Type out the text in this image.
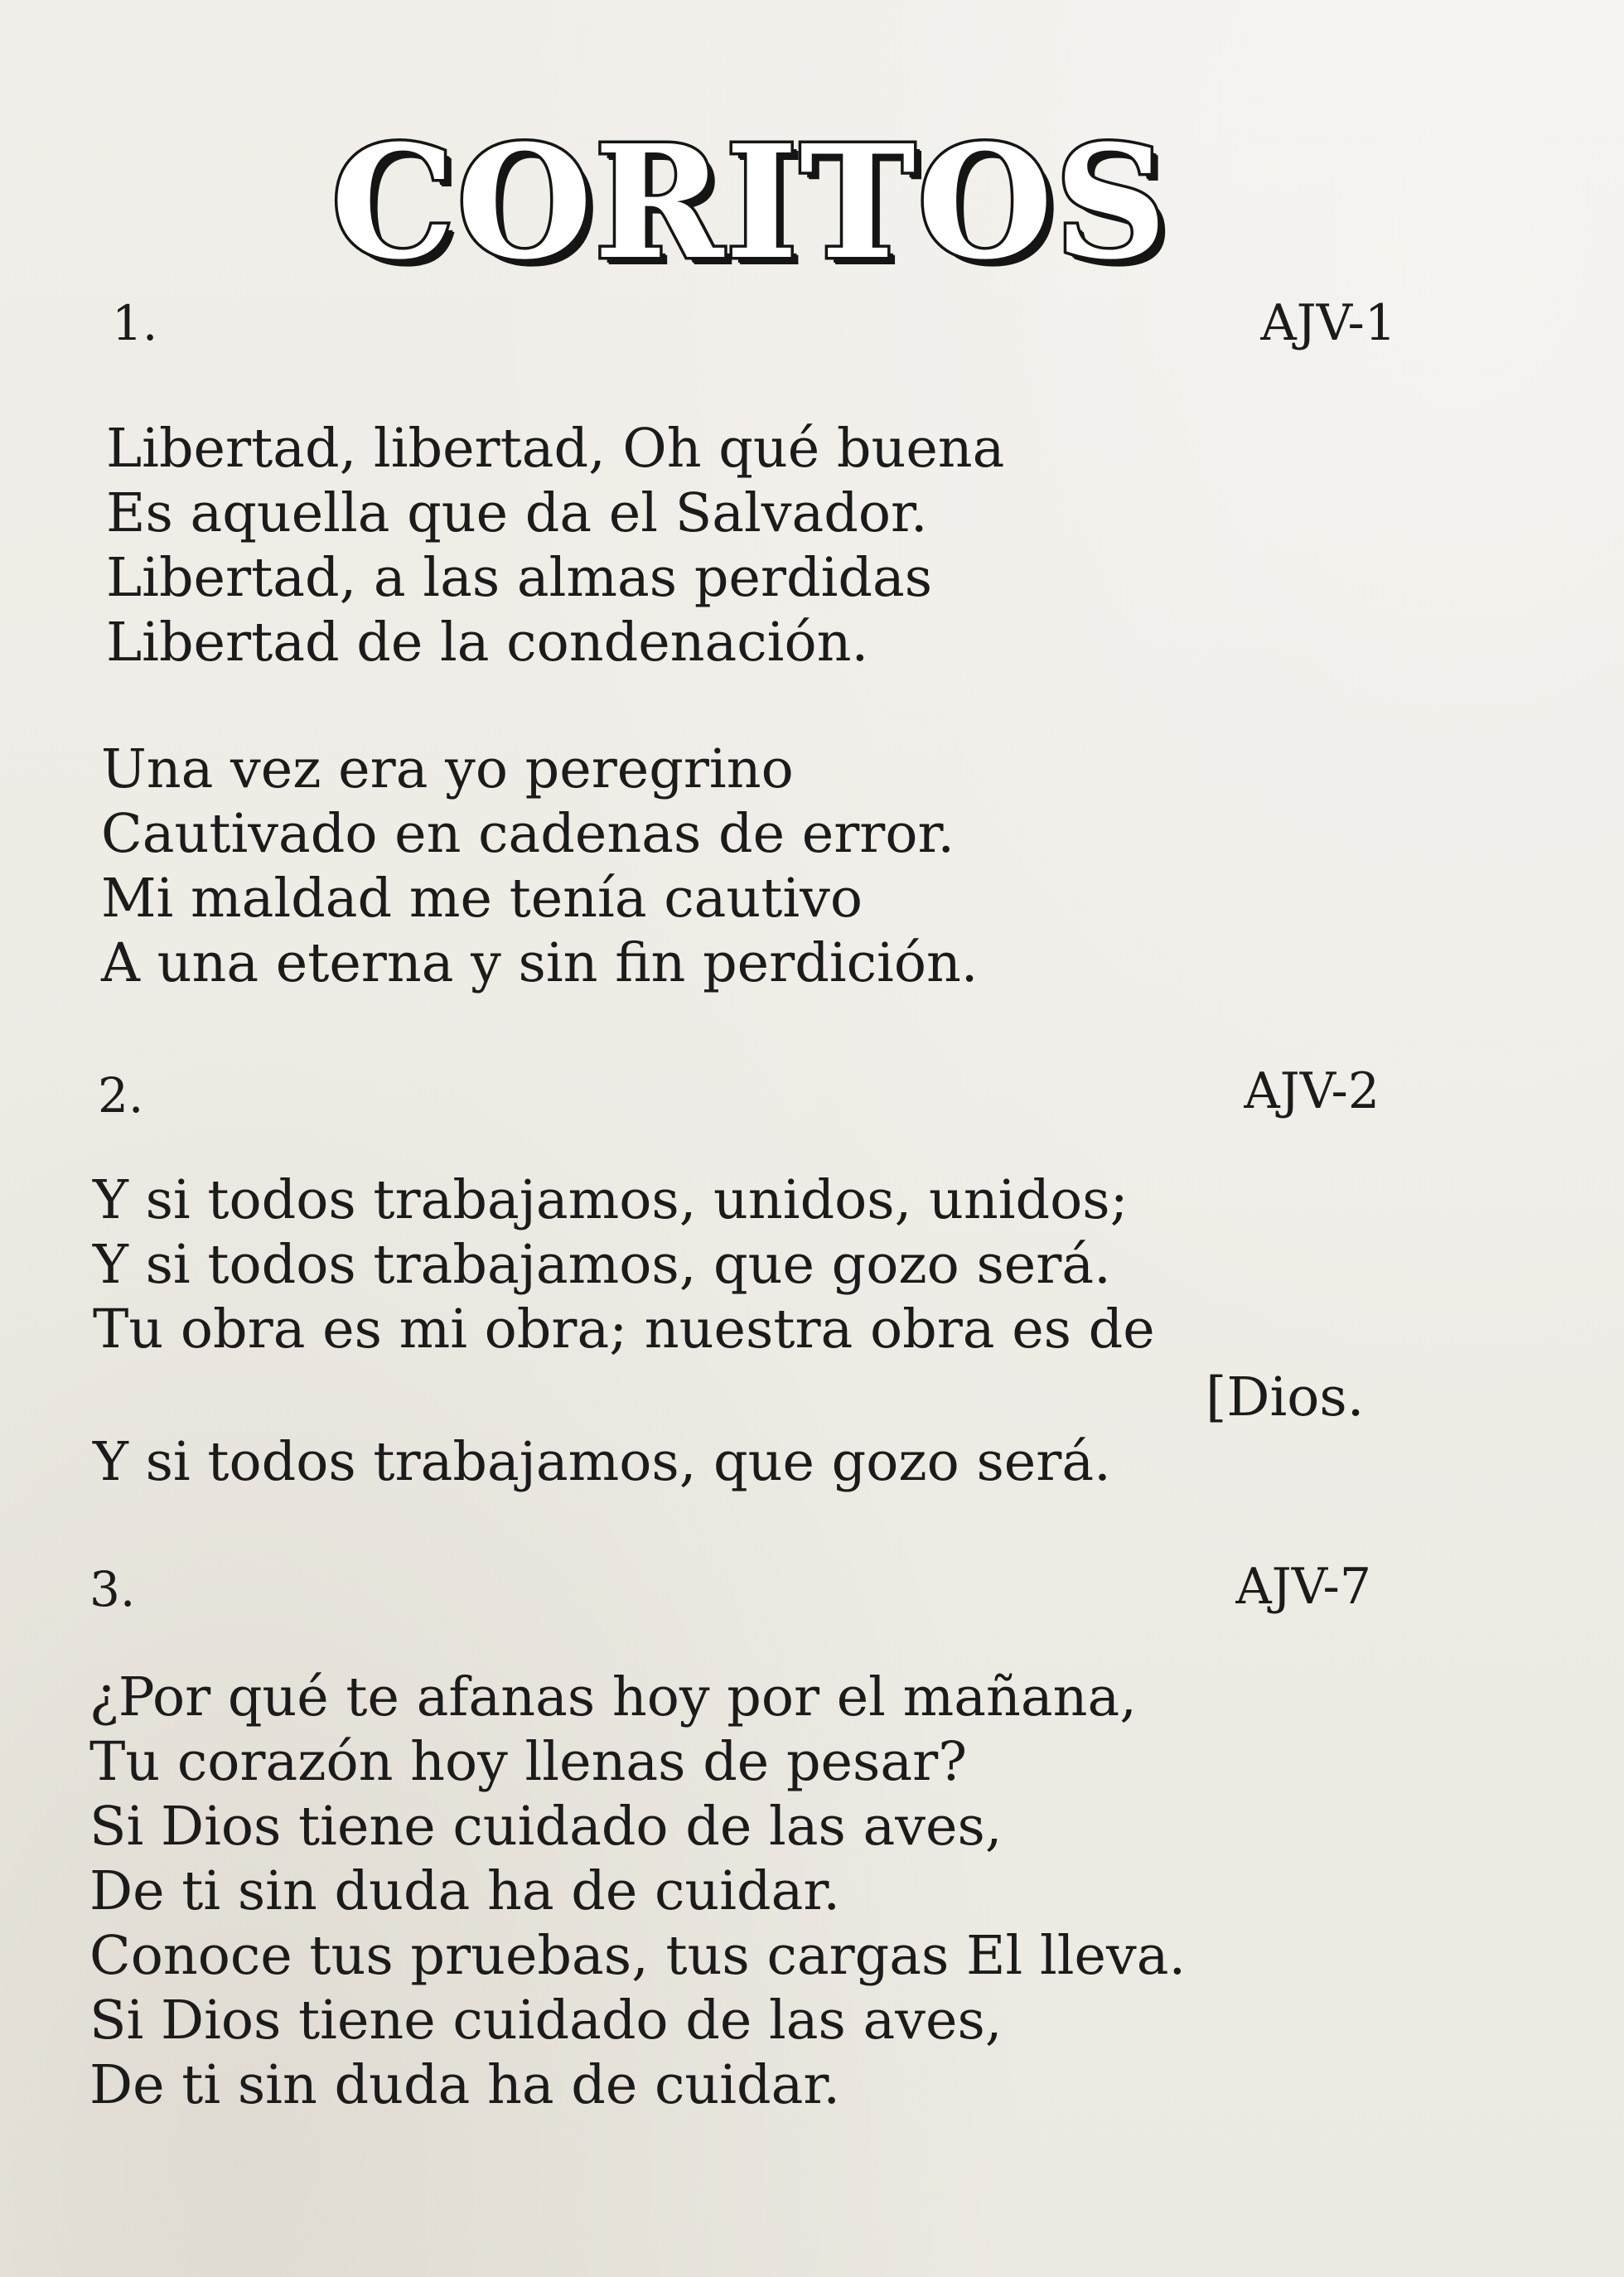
CORITOS
1.	AJV-1
Libertad, libertad, Oh qué buena
Es aquella que da el Salvador.
Libertad, a las almas perdidas
Libertad de la condenación.
Una vez era yo peregrino
Cautivado en cadenas de error.
Mi maldad me tenía cautivo
A una eterna y sin fin perdición.
2.	AJV-2
Y si todos trabajamos, unidos, unidos;
Y si todos trabajamos, que gozo será.
Tu obra es mi obra; nuestra obra es de
[Dios.
Y si todos trabajamos, que gozo será.
3.	AJV-7
¿Por qué te afanas hoy por el mañana,
Tu corazón hoy llenas de pesar?
Si Dios tiene cuidado de las aves,
De ti sin duda ha de cuidar.
Conoce tus pruebas, tus cargas El lleva.
Si Dios tiene cuidado de las aves,
De ti sin duda ha de cuidar.
